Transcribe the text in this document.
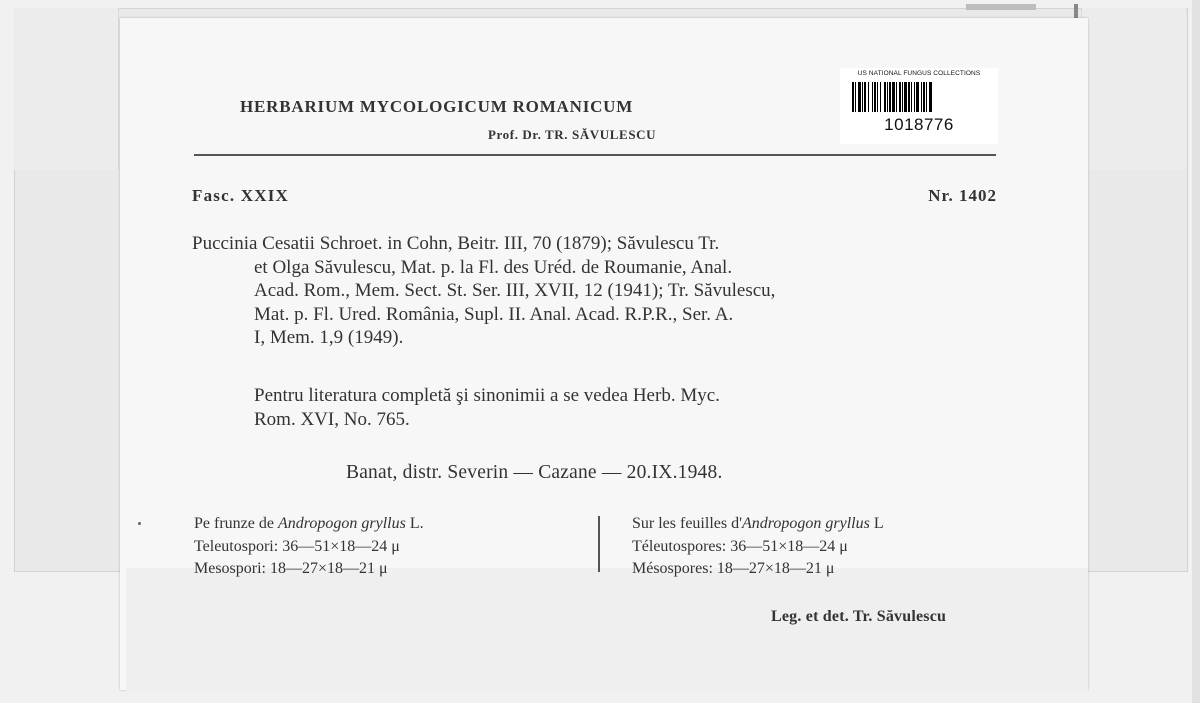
HERBARIUM MYCOLOGICUM ROMANICUM
Prof. Dr. TR. SĂVULESCU
US NATIONAL FUNGUS COLLECTIONS
1018776
Fasc. XXIX	Nr. 1402
Puccinia Cesatii Schroet. in Cohn, Beitr. III, 70 (1879); Săvulescu Tr.
et Olga Săvulescu, Mat. p. la Fl. des Uréd. de Roumanie, Anal.
Acad. Rom., Mem. Sect. St. Ser. III, XVII, 12 (1941); Tr. Săvulescu,
Mat. p. Fl. Ured. România, Supl. II. Anal. Acad. R.P.R., Ser. A.
I, Mem. 1,9 (1949).
Pentru literatura completă şi sinonimii a se vedea Herb. Myc.
Rom. XVI, No. 765.
Banat, distr. Severin — Cazane — 20.IX.1948.
Pe frunze de Andropogon gryllus L.
Teleutospori: 36—51×18—24 μ
Mesospori: 18—27×18—21 μ
Sur les feuilles d'Andropogon gryllus L
Téleutospores: 36—51×18—24 μ
Mésospores: 18—27×18—21 μ
Leg. et det. Tr. Săvulescu
